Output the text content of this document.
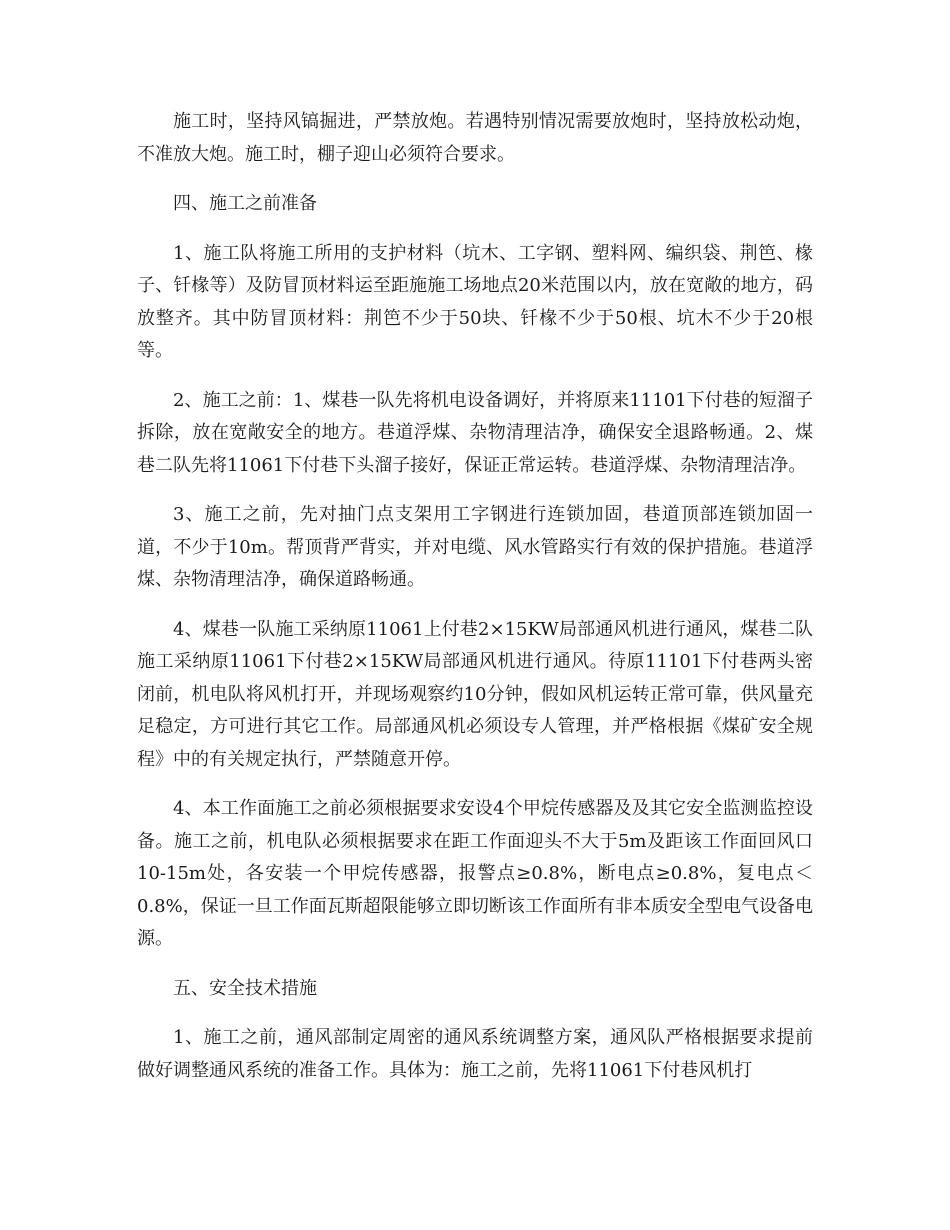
施工时，坚持风镐掘进，严禁放炮。若遇特别情况需要放炮时，坚持放松动炮，不准放大炮。施工时，棚子迎山必须符合要求。

四、施工之前准备

1、施工队将施工所用的支护材料（坑木、工字钢、塑料网、编织袋、荆笆、椽子、钎椽等）及防冒顶材料运至距施施工场地点20米范围以内，放在宽敞的地方，码放整齐。其中防冒顶材料：荆笆不少于50块、钎椽不少于50根、坑木不少于20根等。

2、施工之前：1、煤巷一队先将机电设备调好，并将原来11101下付巷的短溜子拆除，放在宽敞安全的地方。巷道浮煤、杂物清理洁净，确保安全退路畅通。2、煤巷二队先将11061下付巷下头溜子接好，保证正常运转。巷道浮煤、杂物清理洁净。

3、施工之前，先对抽门点支架用工字钢进行连锁加固，巷道顶部连锁加固一道，不少于10m。帮顶背严背实，并对电缆、风水管路实行有效的保护措施。巷道浮煤、杂物清理洁净，确保道路畅通。

4、煤巷一队施工采纳原11061上付巷2×15KW局部通风机进行通风，煤巷二队施工采纳原11061下付巷2×15KW局部通风机进行通风。待原11101下付巷两头密闭前，机电队将风机打开，并现场观察约10分钟，假如风机运转正常可靠，供风量充足稳定，方可进行其它工作。局部通风机必须设专人管理，并严格根据《煤矿安全规程》中的有关规定执行，严禁随意开停。

4、本工作面施工之前必须根据要求安设4个甲烷传感器及及其它安全监测监控设备。施工之前，机电队必须根据要求在距工作面迎头不大于5m及距该工作面回风口10-15m处，各安装一个甲烷传感器，报警点≥0.8%，断电点≥0.8%，复电点＜0.8%，保证一旦工作面瓦斯超限能够立即切断该工作面所有非本质安全型电气设备电源。

五、安全技术措施

1、施工之前，通风部制定周密的通风系统调整方案，通风队严格根据要求提前做好调整通风系统的准备工作。具体为：施工之前，先将11061下付巷风机打
